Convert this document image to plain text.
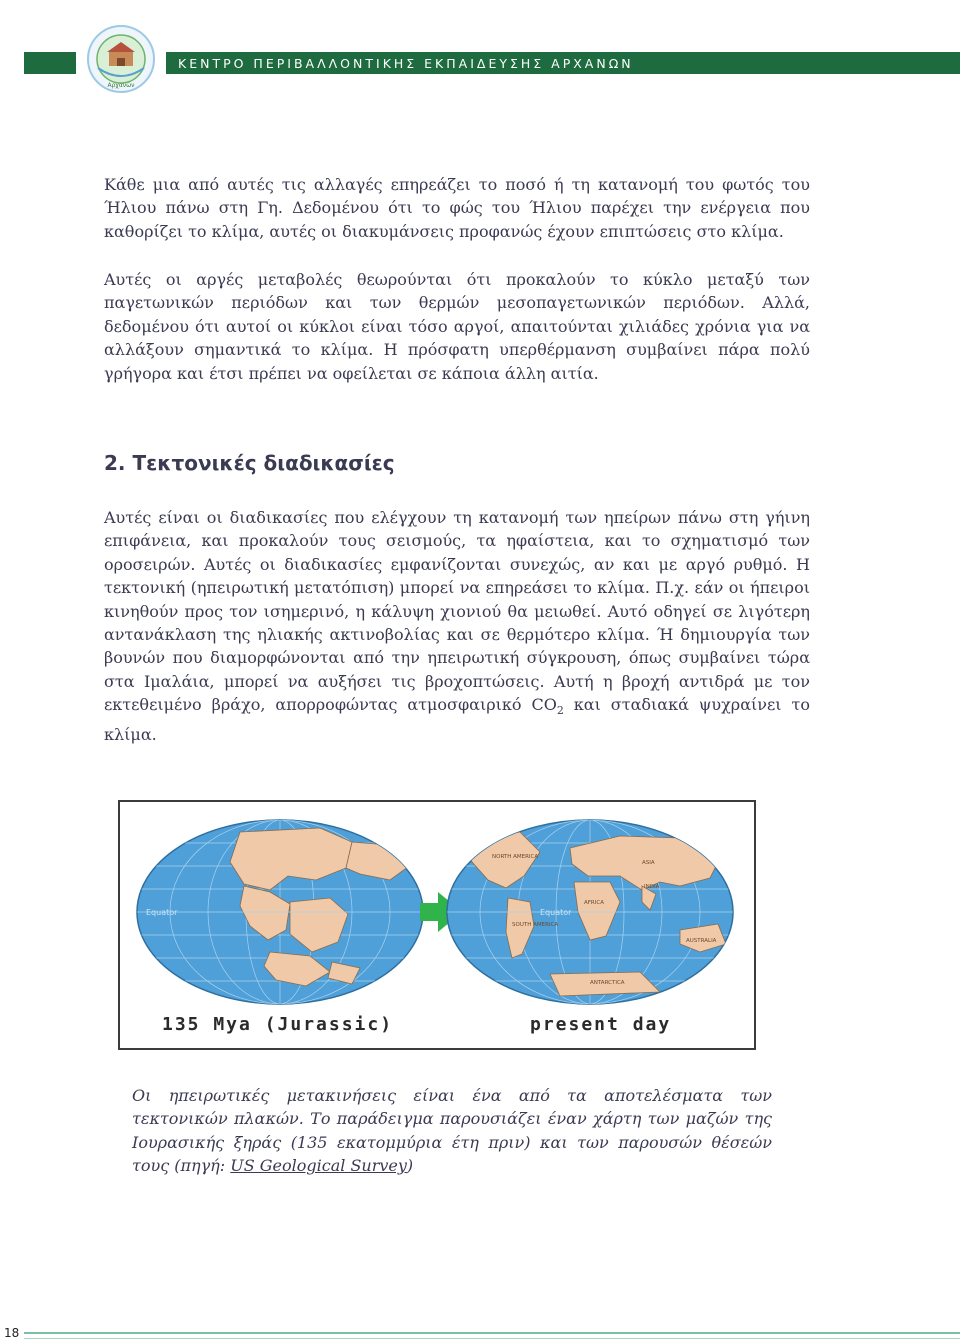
ΚΕΝΤΡΟ ΠΕΡΙΒΑΛΛΟΝΤΙΚΗΣ ΕΚΠΑΙΔΕΥΣΗΣ ΑΡΧΑΝΩΝ
Αρχανών

Κάθε μια από αυτές τις αλλαγές επηρεάζει το ποσό ή τη κατανομή του φωτός του Ήλιου πάνω στη Γη. Δεδομένου ότι το φώς του Ήλιου παρέχει την ενέργεια που καθορίζει το κλίμα, αυτές οι διακυμάνσεις προφανώς έχουν επιπτώσεις στο κλίμα.

Αυτές οι αργές μεταβολές θεωρούνται ότι προκαλούν το κύκλο μεταξύ των παγετωνικών περιόδων και των θερμών μεσοπαγετωνικών περιόδων. Αλλά, δεδομένου ότι αυτοί οι κύκλοι είναι τόσο αργοί, απαιτούνται χιλιάδες χρόνια για να αλλάξουν σημαντικά το κλίμα. Η πρόσφατη υπερθέρμανση συμβαίνει πάρα πολύ γρήγορα και έτσι πρέπει να οφείλεται σε κάποια άλλη αιτία.

2. Τεκτονικές διαδικασίες

Αυτές είναι οι διαδικασίες που ελέγχουν τη κατανομή των ηπείρων πάνω στη γήινη επιφάνεια, και προκαλούν τους σεισμούς, τα ηφαίστεια, και το σχηματισμό των οροσειρών. Αυτές οι διαδικασίες εμφανίζονται συνεχώς, αν και με αργό ρυθμό. Η τεκτονική (ηπειρωτική μετατόπιση) μπορεί να επηρεάσει το κλίμα. Π.χ. εάν οι ήπειροι κινηθούν προς τον ισημερινό, η κάλυψη χιονιού θα μειωθεί. Αυτό οδηγεί σε λιγότερη αντανάκλαση της ηλιακής ακτινοβολίας και σε θερμότερο κλίμα. Ή δημιουργία των βουνών που διαμορφώνονται από την ηπειρωτική σύγκρουση, όπως συμβαίνει τώρα στα Ιμαλάια, μπορεί να αυξήσει τις βροχοπτώσεις. Αυτή η βροχή αντιδρά με τον εκτεθειμένο βράχο, απορροφώντας ατμοσφαιρικό $CO_2$ και σταδιακά ψυχραίνει το κλίμα.

Equator	Equator
NORTH AMERICA
SOUTH AMERICA
AFRICA
ASIA
INDIA
AUSTRALIA
ANTARCTICA
135 Mya (Jurassic)	present day

Οι ηπειρωτικές μετακινήσεις είναι ένα από τα αποτελέσματα των τεκτονικών πλακών. Το παράδειγμα παρουσιάζει έναν χάρτη των μαζών της Ιουρασικής ξηράς (135 εκατομμύρια έτη πριν) και των παρουσών θέσεών τους (πηγή: US Geological Survey)

18
